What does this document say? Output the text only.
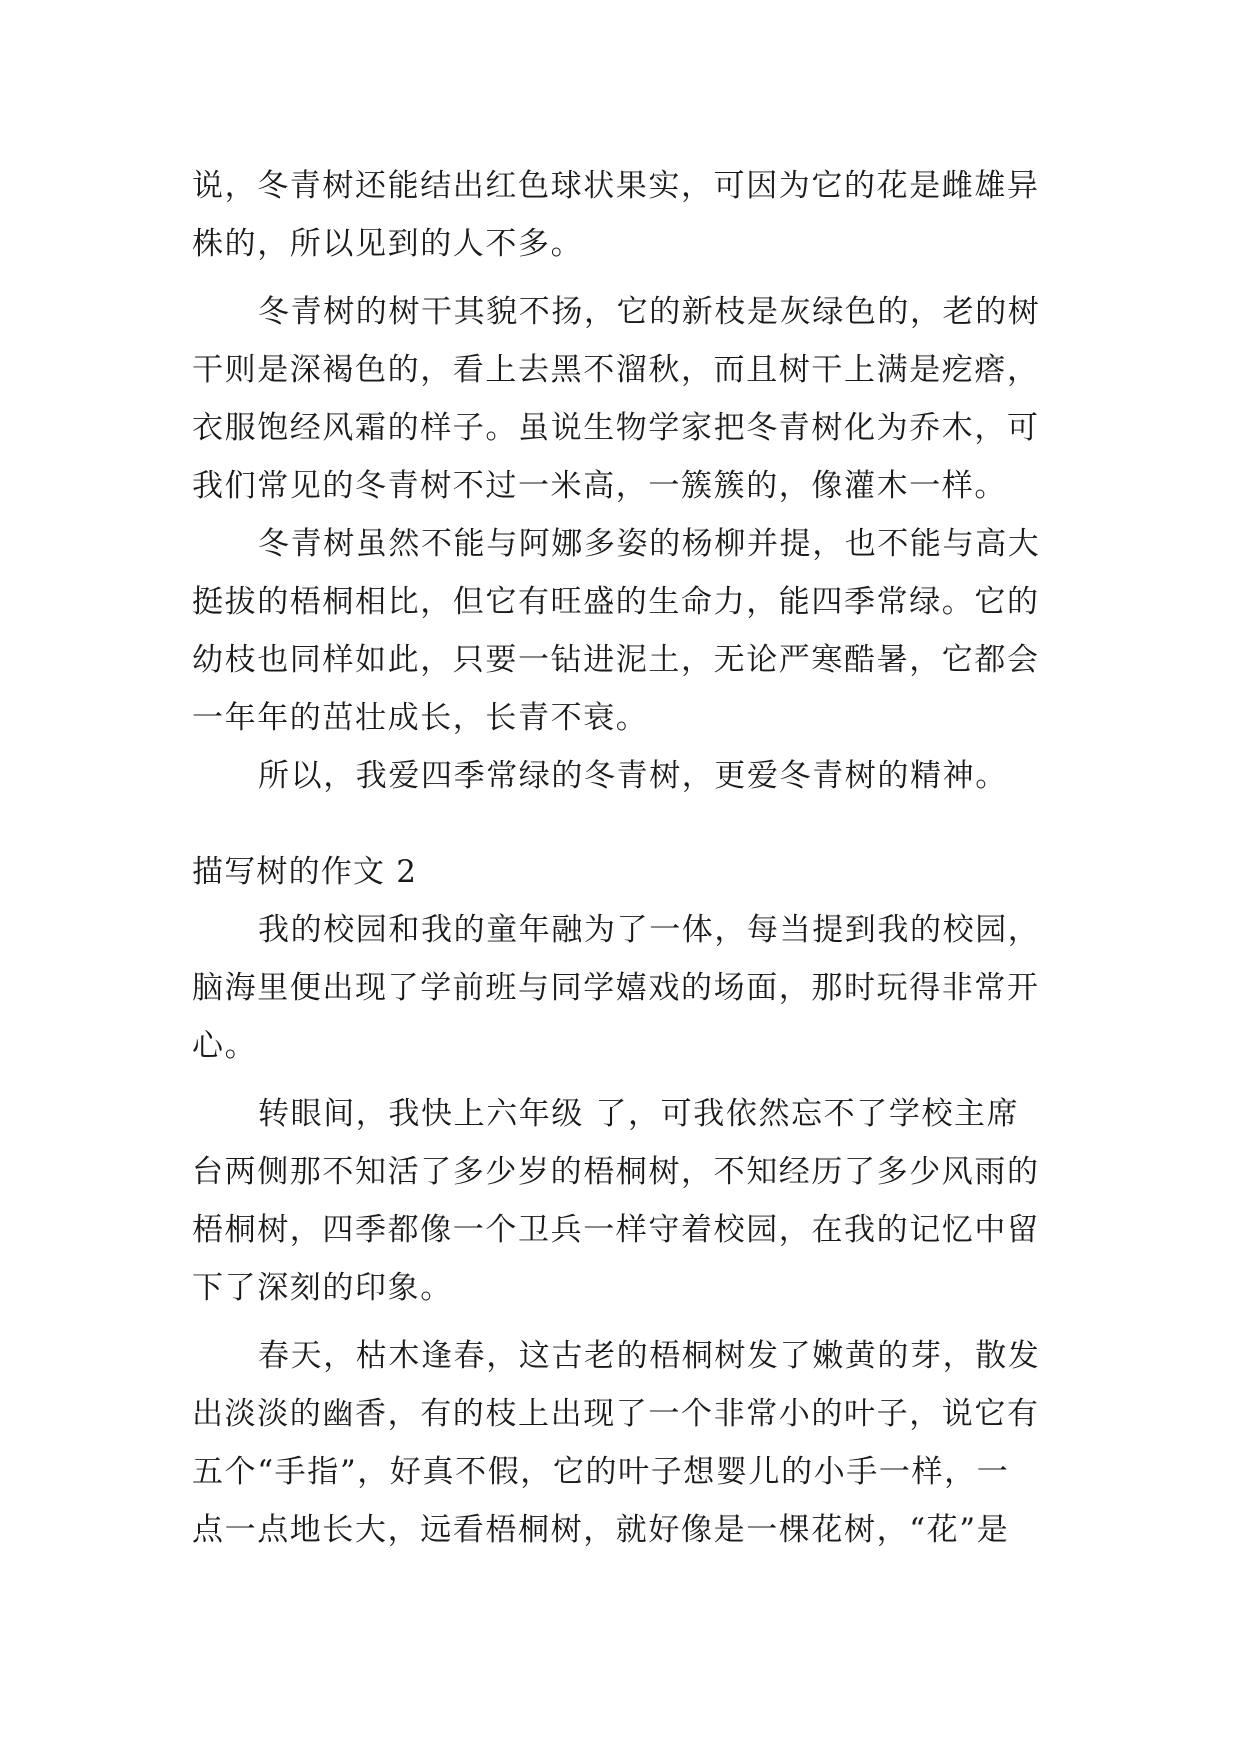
说，冬青树还能结出红色球状果实，可因为它的花是雌雄异
株的，所以见到的人不多。
冬青树的树干其貌不扬，它的新枝是灰绿色的，老的树
干则是深褐色的，看上去黑不溜秋，而且树干上满是疙瘩，
衣服饱经风霜的样子。虽说生物学家把冬青树化为乔木，可
我们常见的冬青树不过一米高，一簇簇的，像灌木一样。
冬青树虽然不能与阿娜多姿的杨柳并提，也不能与高大
挺拔的梧桐相比，但它有旺盛的生命力，能四季常绿。它的
幼枝也同样如此，只要一钻进泥土，无论严寒酷暑，它都会
一年年的茁壮成长，长青不衰。
所以，我爱四季常绿的冬青树，更爱冬青树的精神。
描写树的作文 2
我的校园和我的童年融为了一体，每当提到我的校园，
脑海里便出现了学前班与同学嬉戏的场面，那时玩得非常开
心。
转眼间，我快上六年级 了，可我依然忘不了学校主席
台两侧那不知活了多少岁的梧桐树，不知经历了多少风雨的
梧桐树，四季都像一个卫兵一样守着校园，在我的记忆中留
下了深刻的印象。
春天，枯木逢春，这古老的梧桐树发了嫩黄的芽，散发
出淡淡的幽香，有的枝上出现了一个非常小的叶子，说它有
五个“手指”，好真不假，它的叶子想婴儿的小手一样，一
点一点地长大，远看梧桐树，就好像是一棵花树，“花”是
